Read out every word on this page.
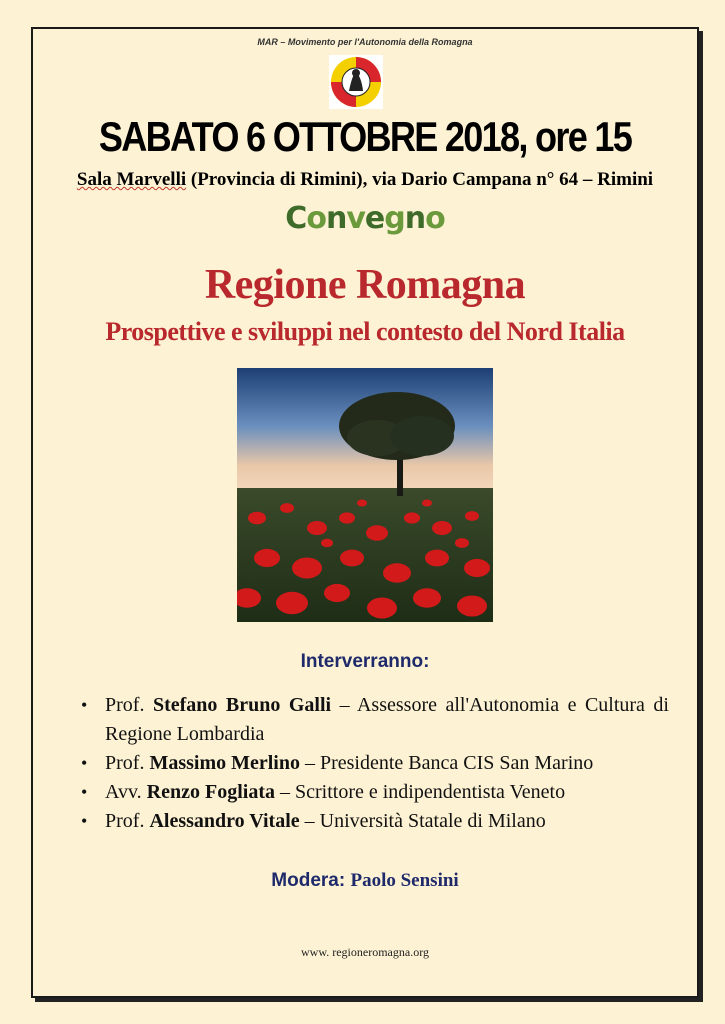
MAR – Movimento per l'Autonomia della Romagna
SABATO 6 OTTOBRE 2018, ore 15
Sala Marvelli (Provincia di Rimini), via Dario Campana n° 64 – Rimini
Convegno
Regione Romagna
Prospettive e sviluppi nel contesto del Nord Italia
Interverranno:
• Prof. Stefano Bruno Galli – Assessore all'Autonomia e Cultura di Regione Lombardia
• Prof. Massimo Merlino – Presidente Banca CIS San Marino
• Avv. Renzo Fogliata – Scrittore e indipendentista Veneto
• Prof. Alessandro Vitale – Università Statale di Milano
Modera: Paolo Sensini
www. regioneromagna.org
